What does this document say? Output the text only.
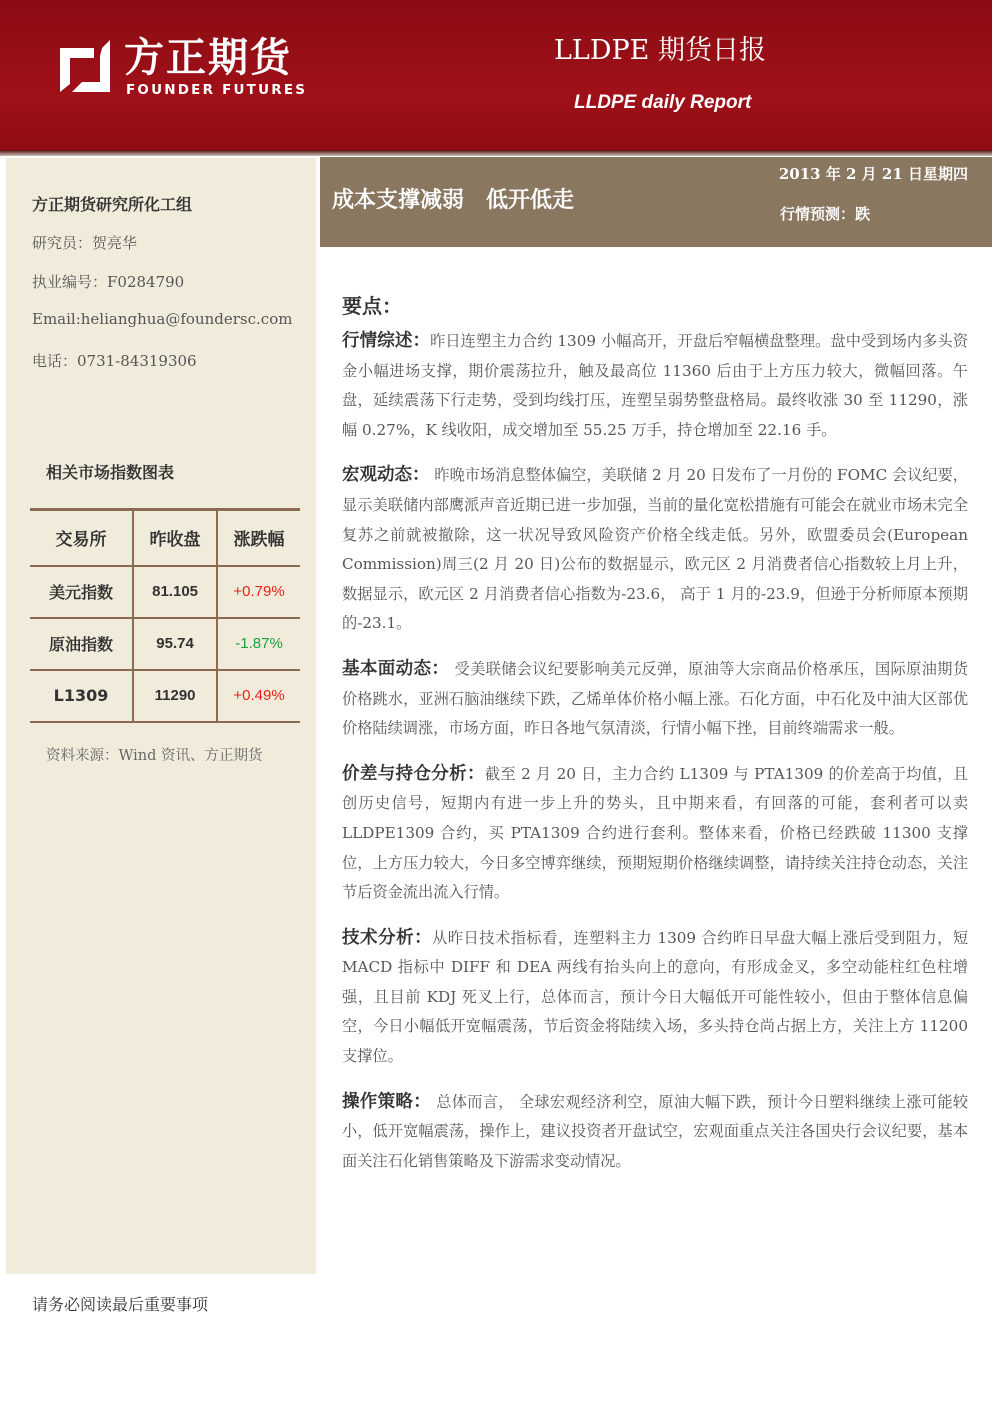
方正期货
FOUNDER FUTURES
LLDPE 期货日报
LLDPE daily Report
方正期货研究所化工组
研究员：贺亮华
执业编号：F0284790
Email:helianghua@foundersc.com
电话：0731-84319306
相关市场指数图表
交易所	昨收盘	涨跌幅
美元指数	81.105	+0.79%
原油指数	95.74	-1.87%
L1309	11290	+0.49%
资料来源：Wind 资讯、方正期货
成本支撑减弱 低开低走
2013 年 2 月 21 日星期四
行情预测：跌
要点：

行情综述：昨日连塑主力合约 1309 小幅高开，开盘后窄幅横盘整理。盘中受到场内多头资金小幅进场支撑，期价震荡拉升，触及最高位 11360 后由于上方压力较大，微幅回落。午盘，延续震荡下行走势，受到均线打压，连塑呈弱势整盘格局。最终收涨 30 至 11290，涨幅 0.27%，K 线收阳，成交增加至 55.25 万手，持仓增加至 22.16 手。

宏观动态： 昨晚市场消息整体偏空，美联储 2 月 20 日发布了一月份的 FOMC 会议纪要，显示美联储内部鹰派声音近期已进一步加强，当前的量化宽松措施有可能会在就业市场未完全复苏之前就被撤除，这一状况导致风险资产价格全线走低。另外，欧盟委员会(European Commission)周三(2 月 20 日)公布的数据显示，欧元区 2 月消费者信心指数较上月上升， 数据显示，欧元区 2 月消费者信心指数为-23.6， 高于 1 月的-23.9，但逊于分析师原本预期的-23.1。

基本面动态： 受美联储会议纪要影响美元反弹，原油等大宗商品价格承压，国际原油期货价格跳水，亚洲石脑油继续下跌，乙烯单体价格小幅上涨。石化方面，中石化及中油大区部优价格陆续调涨，市场方面，昨日各地气氛清淡，行情小幅下挫，目前终端需求一般。

价差与持仓分析：截至 2 月 20 日，主力合约 L1309 与 PTA1309 的价差高于均值，且创历史信号，短期内有进一步上升的势头，且中期来看，有回落的可能，套利者可以卖 LLDPE1309 合约，买 PTA1309 合约进行套利。整体来看，价格已经跌破 11300 支撑位，上方压力较大，今日多空博弈继续，预期短期价格继续调整，请持续关注持仓动态，关注节后资金流出流入行情。

技术分析：从昨日技术指标看，连塑料主力 1309 合约昨日早盘大幅上涨后受到阻力，短 MACD 指标中 DIFF 和 DEA 两线有抬头向上的意向，有形成金叉，多空动能柱红色柱增强，且目前 KDJ 死叉上行，总体而言，预计今日大幅低开可能性较小，但由于整体信息偏空，今日小幅低开宽幅震荡，节后资金将陆续入场，多头持仓尚占据上方，关注上方 11200 支撑位。

操作策略： 总体而言， 全球宏观经济利空，原油大幅下跌，预计今日塑料继续上涨可能较小，低开宽幅震荡，操作上，建议投资者开盘试空，宏观面重点关注各国央行会议纪要，基本面关注石化销售策略及下游需求变动情况。

请务必阅读最后重要事项
